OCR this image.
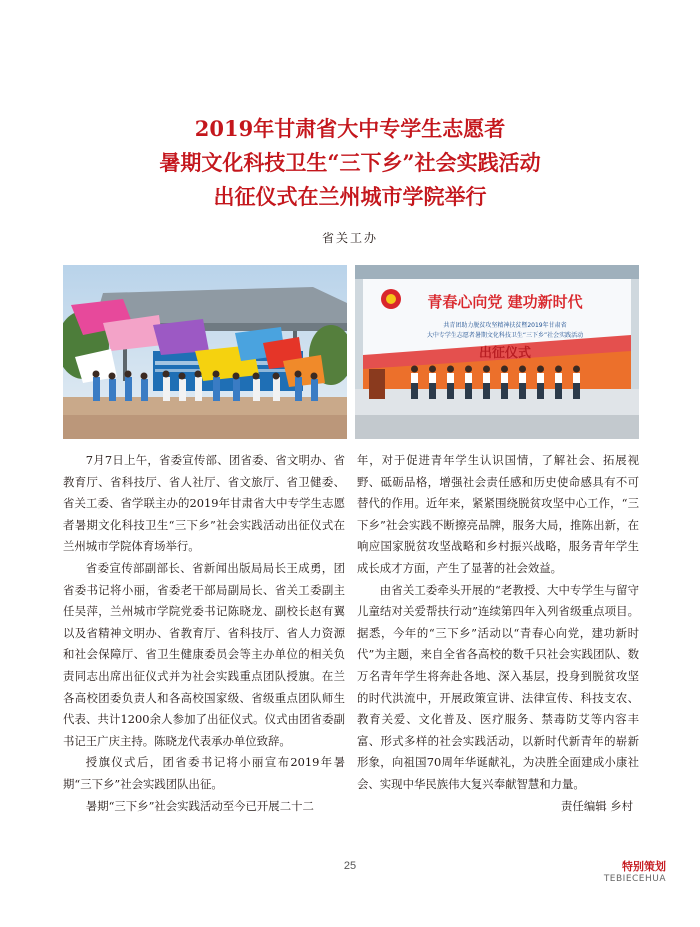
2019年甘肃省大中专学生志愿者
暑期文化科技卫生“三下乡”社会实践活动
出征仪式在兰州城市学院举行
省关工办
青春心向党 建功新时代
共青团助力脱贫攻坚精神扶贫暨2019年甘肃省
大中专学生志愿者暑期文化科技卫生“三下乡”社会实践活动
出征仪式

7月7日上午，省委宣传部、团省委、省文明办、省教育厅、省科技厅、省人社厅、省文旅厅、省卫健委、省关工委、省学联主办的2019年甘肃省大中专学生志愿者暑期文化科技卫生“三下乡”社会实践活动出征仪式在兰州城市学院体育场举行。

省委宣传部副部长、省新闻出版局局长王成勇，团省委书记将小丽，省委老干部局副局长、省关工委副主任吴萍，兰州城市学院党委书记陈晓龙、副校长赵有翼以及省精神文明办、省教育厅、省科技厅、省人力资源和社会保障厅、省卫生健康委员会等主办单位的相关负责同志出席出征仪式并为社会实践重点团队授旗。在兰各高校团委负责人和各高校国家级、省级重点团队师生代表、共计1200余人参加了出征仪式。仪式由团省委副书记王广庆主持。陈晓龙代表承办单位致辞。

授旗仪式后，团省委书记将小丽宣布2019年暑期“三下乡”社会实践团队出征。

暑期“三下乡”社会实践活动至今已开展二十二

年，对于促进青年学生认识国情，了解社会、拓展视野、砥砺品格，增强社会责任感和历史使命感具有不可替代的作用。近年来，紧紧围绕脱贫攻坚中心工作，“三下乡”社会实践不断擦亮品牌，服务大局，推陈出新，在响应国家脱贫攻坚战略和乡村振兴战略，服务青年学生成长成才方面，产生了显著的社会效益。

由省关工委牵头开展的“老教授、大中专学生与留守儿童结对关爱帮扶行动”连续第四年入列省级重点项目。据悉，今年的“三下乡”活动以“青春心向党，建功新时代”为主题，来自全省各高校的数千只社会实践团队、数万名青年学生将奔赴各地、深入基层，投身到脱贫攻坚的时代洪流中，开展政策宣讲、法律宣传、科技支农、教育关爱、文化普及、医疗服务、禁毒防艾等内容丰富、形式多样的社会实践活动，以新时代新青年的崭新形象，向祖国70周年华诞献礼，为决胜全面建成小康社会、实现中华民族伟大复兴奉献智慧和力量。

责任编辑 乡村

25	特别策划
TEBIECEHUA
